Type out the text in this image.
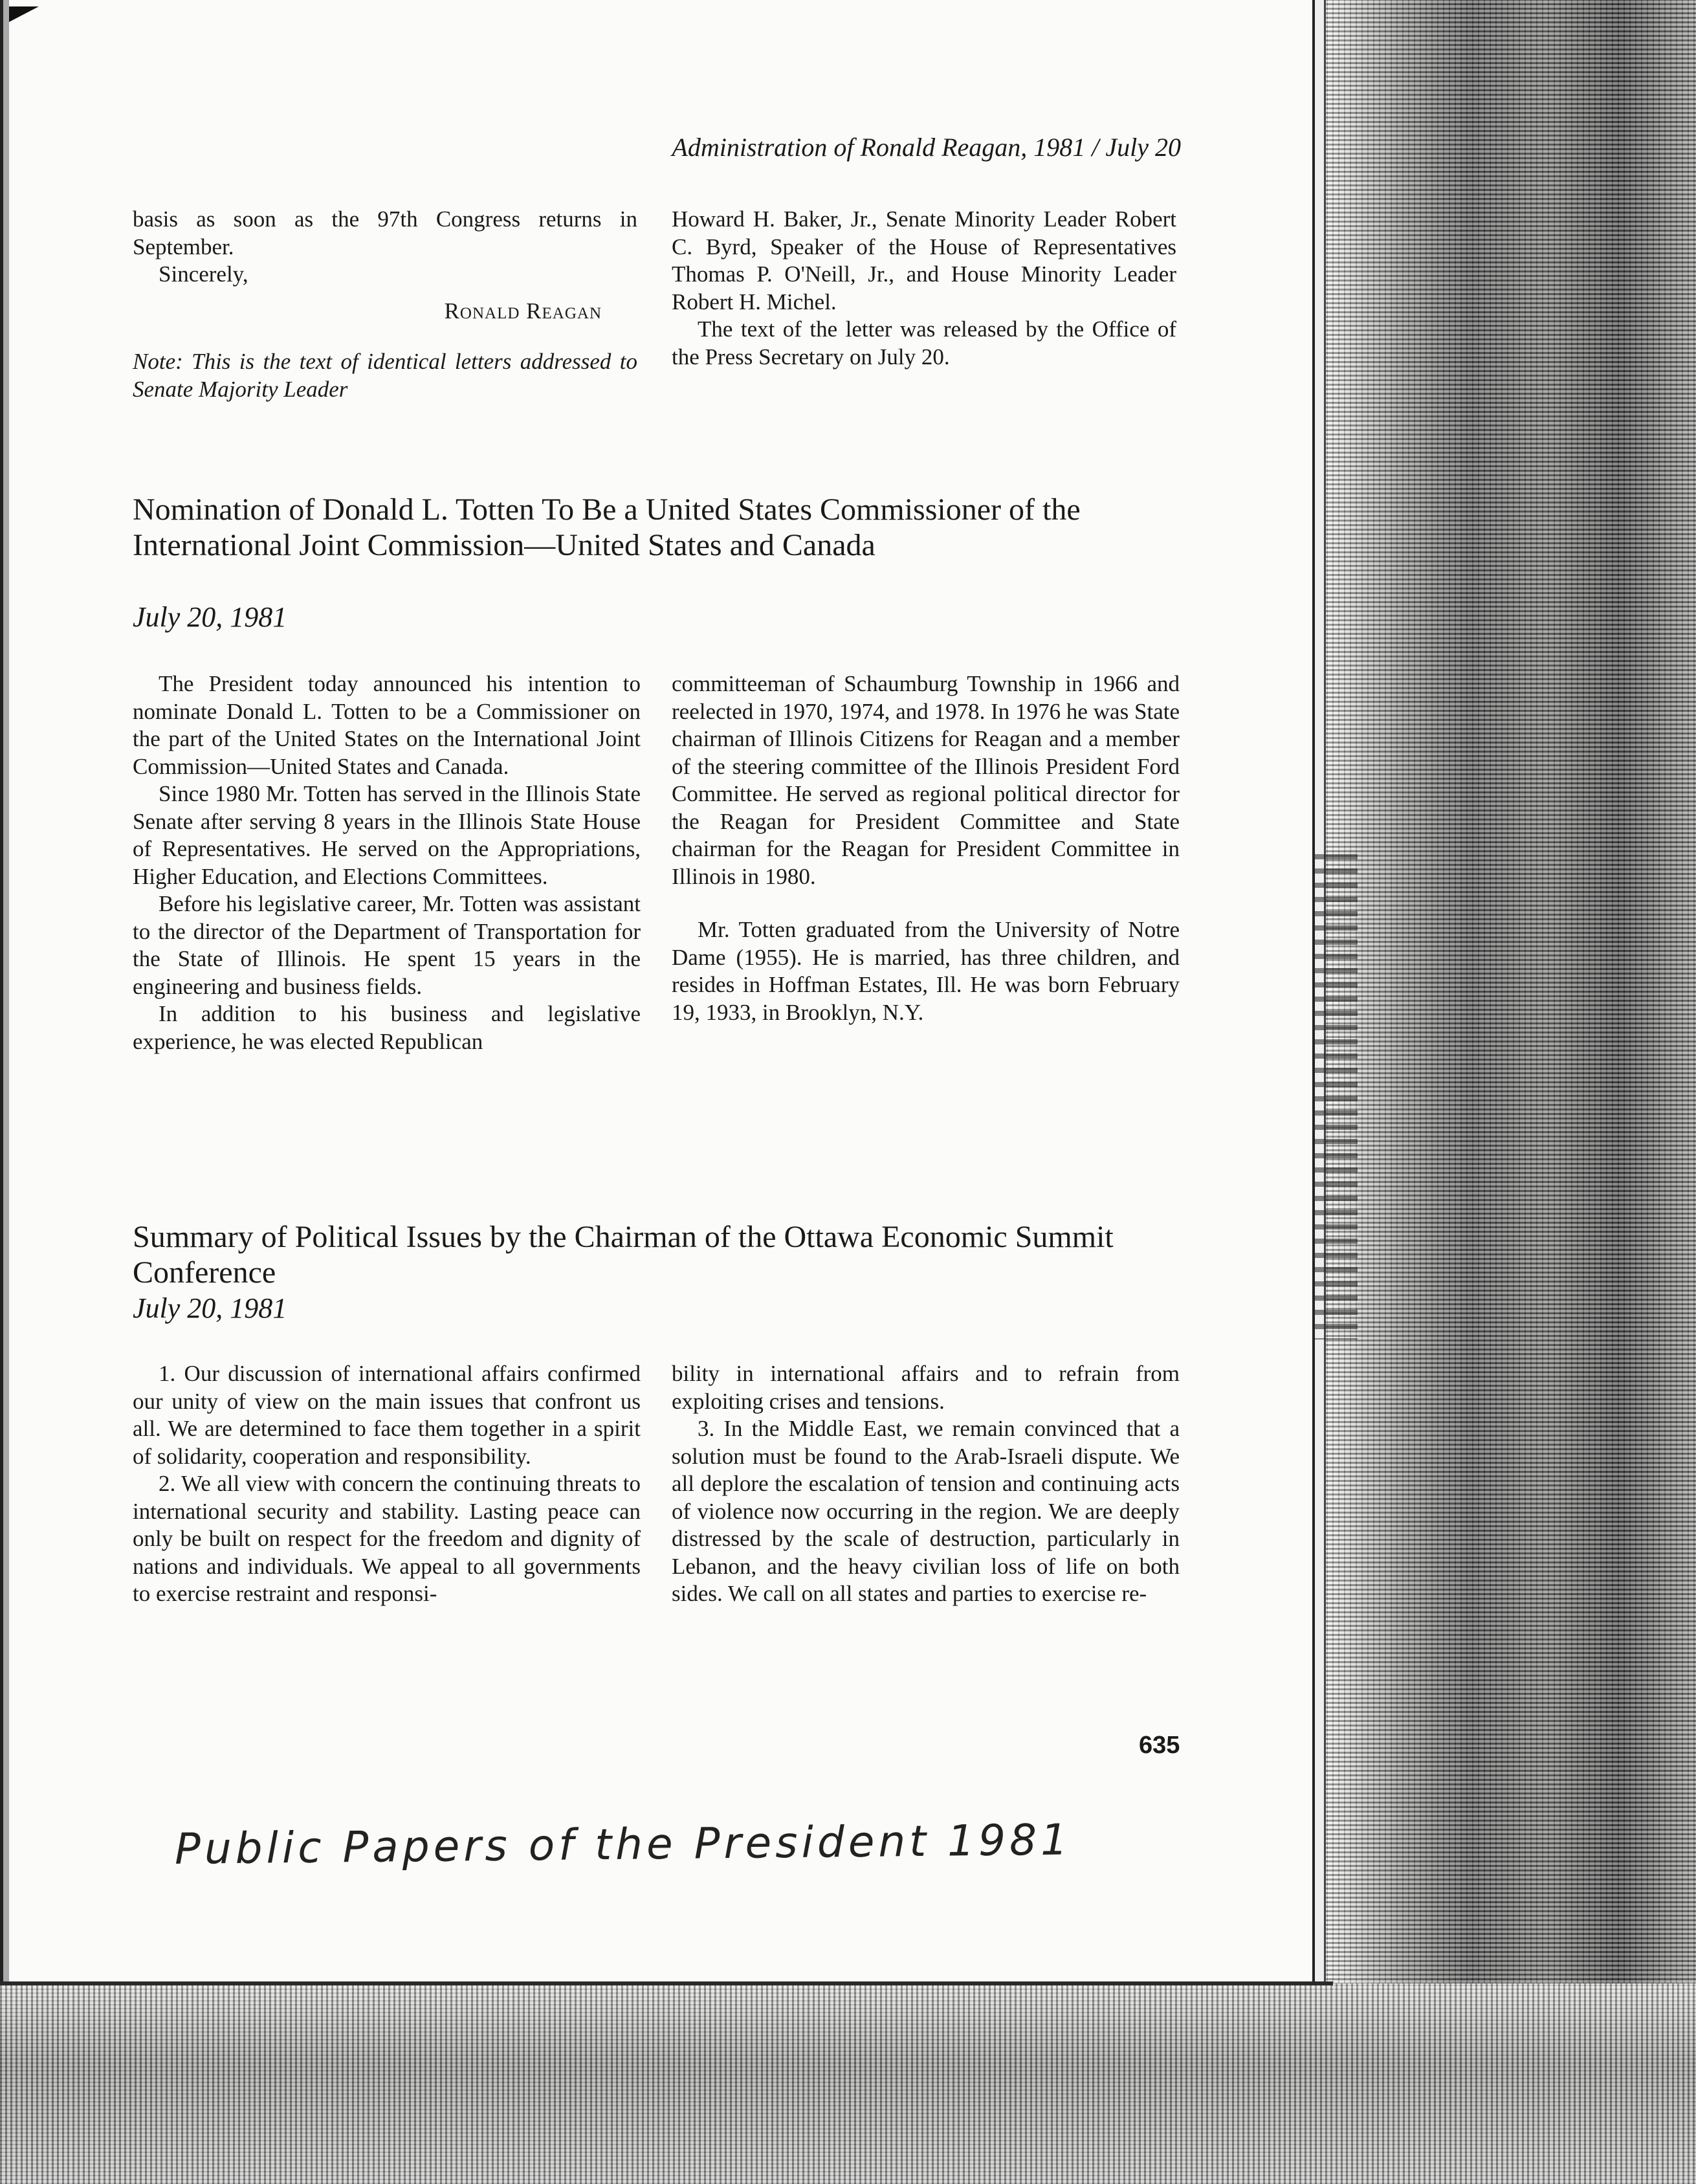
Administration of Ronald Reagan, 1981 / July 20

basis as soon as the 97th Congress returns in September.

Sincerely,

Ronald Reagan

Note: This is the text of identical letters addressed to Senate Majority Leader

Howard H. Baker, Jr., Senate Minority Leader Robert C. Byrd, Speaker of the House of Representatives Thomas P. O'Neill, Jr., and House Minority Leader Robert H. Michel.

The text of the letter was released by the Office of the Press Secretary on July 20.

Nomination of Donald L. Totten To Be a United States Commissioner of the International Joint Commission—United States and Canada
July 20, 1981

The President today announced his intention to nominate Donald L. Totten to be a Commissioner on the part of the United States on the International Joint Commission—United States and Canada.

Since 1980 Mr. Totten has served in the Illinois State Senate after serving 8 years in the Illinois State House of Representatives. He served on the Appropriations, Higher Education, and Elections Committees.

Before his legislative career, Mr. Totten was assistant to the director of the Department of Transportation for the State of Illinois. He spent 15 years in the engineering and business fields.

In addition to his business and legislative experience, he was elected Republican

committeeman of Schaumburg Township in 1966 and reelected in 1970, 1974, and 1978. In 1976 he was State chairman of Illinois Citizens for Reagan and a member of the steering committee of the Illinois President Ford Committee. He served as regional political director for the Reagan for President Committee and State chairman for the Reagan for President Committee in Illinois in 1980.

Mr. Totten graduated from the University of Notre Dame (1955). He is married, has three children, and resides in Hoffman Estates, Ill. He was born February 19, 1933, in Brooklyn, N.Y.

Summary of Political Issues by the Chairman of the Ottawa Economic Summit Conference
July 20, 1981

1. Our discussion of international affairs confirmed our unity of view on the main issues that confront us all. We are determined to face them together in a spirit of solidarity, cooperation and responsibility.

2. We all view with concern the continuing threats to international security and stability. Lasting peace can only be built on respect for the freedom and dignity of nations and individuals. We appeal to all governments to exercise restraint and responsi-

bility in international affairs and to refrain from exploiting crises and tensions.

3. In the Middle East, we remain convinced that a solution must be found to the Arab-Israeli dispute. We all deplore the escalation of tension and continuing acts of violence now occurring in the region. We are deeply distressed by the scale of destruction, particularly in Lebanon, and the heavy civilian loss of life on both sides. We call on all states and parties to exercise re-

635
Public Papers of the President 1981
